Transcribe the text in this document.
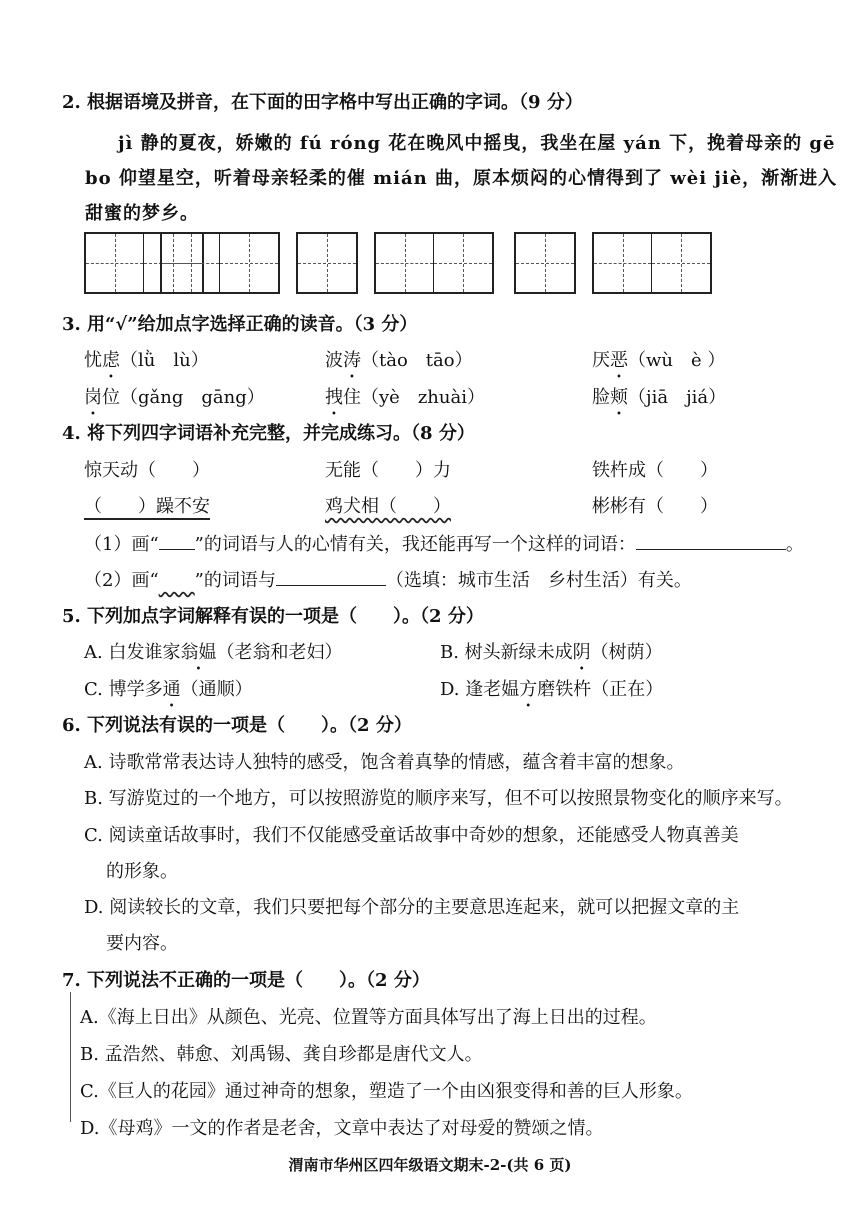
2. 根据语境及拼音，在下面的田字格中写出正确的字词。（9 分）
jì 静的夏夜，娇嫩的 fú róng 花在晚风中摇曳，我坐在屋 yán 下，挽着母亲的 gē
bo 仰望星空，听着母亲轻柔的催 mián 曲，原本烦闷的心情得到了 wèi jiè，渐渐进入
甜蜜的梦乡。
3. 用“√”给加点字选择正确的读音。（3 分）
忧虑（lǜ　lù）	波涛（tào　tāo）	厌恶（wù　è ）
岗位（gǎng　gāng）	拽住（yè　zhuài）	脸颊（jiā　jiá）
4. 将下列四字词语补充完整，并完成练习。（8 分）
惊天动（　　）	无能（　　）力	铁杵成（　　）
（　　）躁不安	鸡犬相（　　）	彬彬有（　　）
（1）画“ ”的词语与人的心情有关，我还能再写一个这样的词语：	。
（2）画“　　 ”的词语与	（选填：城市生活　乡村生活）有关。
5. 下列加点字词解释有误的一项是（　　）。（2 分）
A. 白发谁家翁媪（老翁和老妇）	B. 树头新绿未成阴（树荫）
C. 博学多通（通顺）	D. 逢老媪方磨铁杵（正在）
6. 下列说法有误的一项是（　　）。（2 分）
A. 诗歌常常表达诗人独特的感受，饱含着真挚的情感，蕴含着丰富的想象。
B. 写游览过的一个地方，可以按照游览的顺序来写，但不可以按照景物变化的顺序来写。
C. 阅读童话故事时，我们不仅能感受童话故事中奇妙的想象，还能感受人物真善美
的形象。
D. 阅读较长的文章，我们只要把每个部分的主要意思连起来，就可以把握文章的主
要内容。
7. 下列说法不正确的一项是（　　）。（2 分）
A.《海上日出》从颜色、光亮、位置等方面具体写出了海上日出的过程。
B. 孟浩然、韩愈、刘禹锡、龚自珍都是唐代文人。
C.《巨人的花园》通过神奇的想象，塑造了一个由凶狠变得和善的巨人形象。
D.《母鸡》一文的作者是老舍，文章中表达了对母爱的赞颂之情。
渭南市华州区四年级语文期末-2-(共 6 页)
